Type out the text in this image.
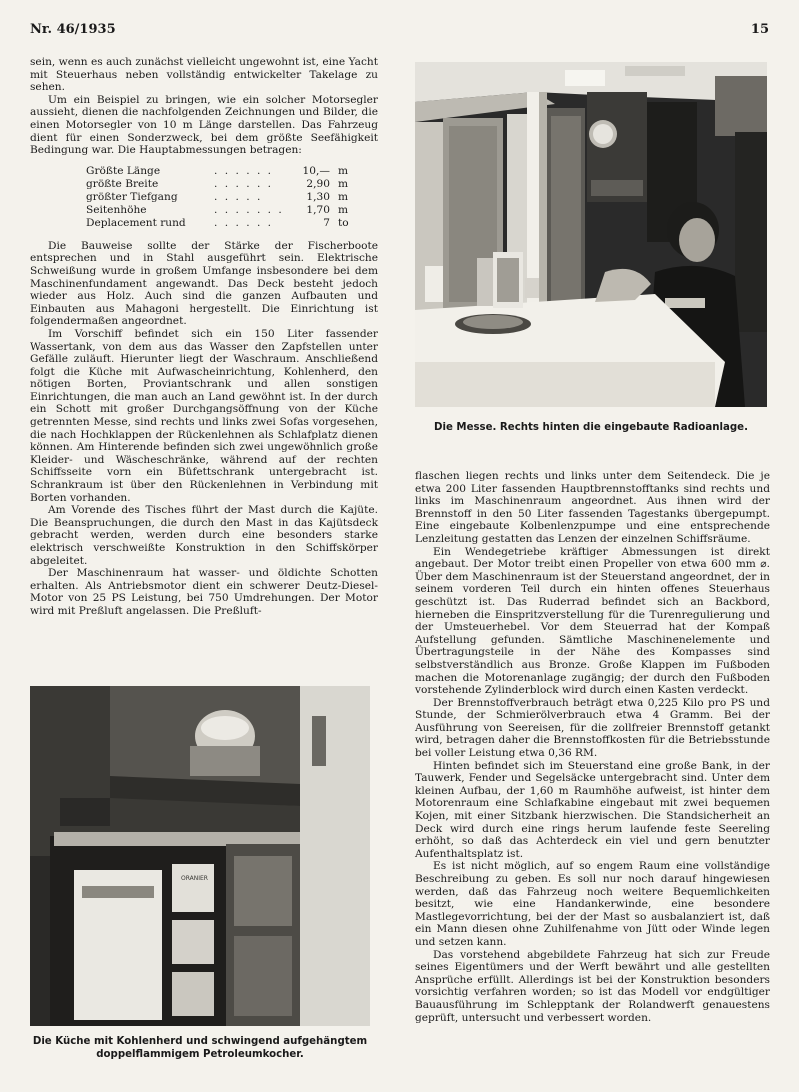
Nr. 46/1935	15

sein, wenn es auch zunächst vielleicht ungewohnt ist, eine Yacht mit Steuerhaus neben vollständig entwickelter Takelage zu sehen.

Um ein Beispiel zu bringen, wie ein solcher Motorsegler aussieht, dienen die nachfolgenden Zeichnungen und Bilder, die einen Motorsegler von 10 m Länge darstellen. Das Fahrzeug dient für einen Sonderzweck, bei dem größte Seefähigkeit Bedingung war. Die Hauptabmessungen betragen:

Größte Länge	. . . . . .	10,—	m
größte Breite	. . . . . .	2,90	m
größter Tiefgang	. . . . .	1,30	m
Seitenhöhe	. . . . . . .	1,70	m
Deplacement rund	. . . . . .	7	to

Die Bauweise sollte der Stärke der Fischerboote entsprechen und in Stahl ausgeführt sein. Elektrische Schweißung wurde in großem Umfange insbesondere bei dem Maschinenfundament angewandt. Das Deck besteht jedoch wieder aus Holz. Auch sind die ganzen Aufbauten und Einbauten aus Mahagoni hergestellt. Die Einrichtung ist folgendermaßen angeordnet.

Im Vorschiff befindet sich ein 150 Liter fassender Wassertank, von dem aus das Wasser den Zapfstellen unter Gefälle zuläuft. Hierunter liegt der Waschraum. Anschließend folgt die Küche mit Aufwascheinrichtung, Kohlenherd, den nötigen Borten, Proviantschrank und allen sonstigen Einrichtungen, die man auch an Land gewöhnt ist. In der durch ein Schott mit großer Durchgangsöffnung von der Küche getrennten Messe, sind rechts und links zwei Sofas vorgesehen, die nach Hochklappen der Rückenlehnen als Schlafplatz dienen können. Am Hinterende befinden sich zwei ungewöhnlich große Kleider- und Wäscheschränke, während auf der rechten Schiffsseite vorn ein Büfettschrank untergebracht ist. Schrankraum ist über den Rückenlehnen in Verbindung mit Borten vorhanden.

Am Vorende des Tisches führt der Mast durch die Kajüte. Die Beanspruchungen, die durch den Mast in das Kajütsdeck gebracht werden, werden durch eine besonders starke elektrisch verschweißte Konstruktion in den Schiffskörper abgeleitet.

Der Maschinenraum hat wasser- und öldichte Schotten erhalten. Als Antriebsmotor dient ein schwerer Deutz-Diesel-Motor von 25 PS Leistung, bei 750 Umdrehungen. Der Motor wird mit Preßluft angelassen. Die Preßluft-

Die Messe. Rechts hinten die eingebaute Radioanlage.

flaschen liegen rechts und links unter dem Seitendeck. Die je etwa 200 Liter fassenden Hauptbrennstofftanks sind rechts und links im Maschinenraum angeordnet. Aus ihnen wird der Brennstoff in den 50 Liter fassenden Tagestanks übergepumpt. Eine eingebaute Kolbenlenzpumpe und eine entsprechende Lenzleitung gestatten das Lenzen der einzelnen Schiffsräume.

Ein Wendegetriebe kräftiger Abmessungen ist direkt angebaut. Der Motor treibt einen Propeller von etwa 600 mm ⌀. Über dem Maschinenraum ist der Steuerstand angeordnet, der in seinem vorderen Teil durch ein hinten offenes Steuerhaus geschützt ist. Das Ruderrad befindet sich an Backbord, hierneben die Einspritzverstellung für die Turenregulierung und der Umsteuerhebel. Vor dem Steuerrad hat der Kompaß Aufstellung gefunden. Sämtliche Maschinenelemente und Übertragungsteile in der Nähe des Kompasses sind selbstverständlich aus Bronze. Große Klappen im Fußboden machen die Motorenanlage zugängig; der durch den Fußboden vorstehende Zylinderblock wird durch einen Kasten verdeckt.

Der Brennstoffverbrauch beträgt etwa 0,225 Kilo pro PS und Stunde, der Schmierölverbrauch etwa 4 Gramm. Bei der Ausführung von Seereisen, für die zollfreier Brennstoff getankt wird, betragen daher die Brennstoffkosten für die Betriebsstunde bei voller Leistung etwa 0,36 RM.

Hinten befindet sich im Steuerstand eine große Bank, in der Tauwerk, Fender und Segelsäcke untergebracht sind. Unter dem kleinen Aufbau, der 1,60 m Raumhöhe aufweist, ist hinter dem Motorenraum eine Schlafkabine eingebaut mit zwei bequemen Kojen, mit einer Sitzbank hierzwischen. Die Standsicherheit an Deck wird durch eine rings herum laufende feste Seereling erhöht, so daß das Achterdeck ein viel und gern benutzter Aufenthaltsplatz ist.

Es ist nicht möglich, auf so engem Raum eine vollständige Beschreibung zu geben. Es soll nur noch darauf hingewiesen werden, daß das Fahrzeug noch weitere Bequemlichkeiten besitzt, wie eine Handankerwinde, eine besondere Mastlegevorrichtung, bei der der Mast so ausbalanziert ist, daß ein Mann diesen ohne Zuhilfenahme von Jütt oder Winde legen und setzen kann.

Das vorstehend abgebildete Fahrzeug hat sich zur Freude seines Eigentümers und der Werft bewährt und alle gestellten Ansprüche erfüllt. Allerdings ist bei der Konstruktion besonders vorsichtig verfahren worden; so ist das Modell vor endgültiger Bauausführung im Schlepptank der Rolandwerft genauestens geprüft, untersucht und verbessert worden.

ORANIER
Die Küche mit Kohlenherd und schwingend aufgehängtem doppelflammigem Petroleumkocher.
